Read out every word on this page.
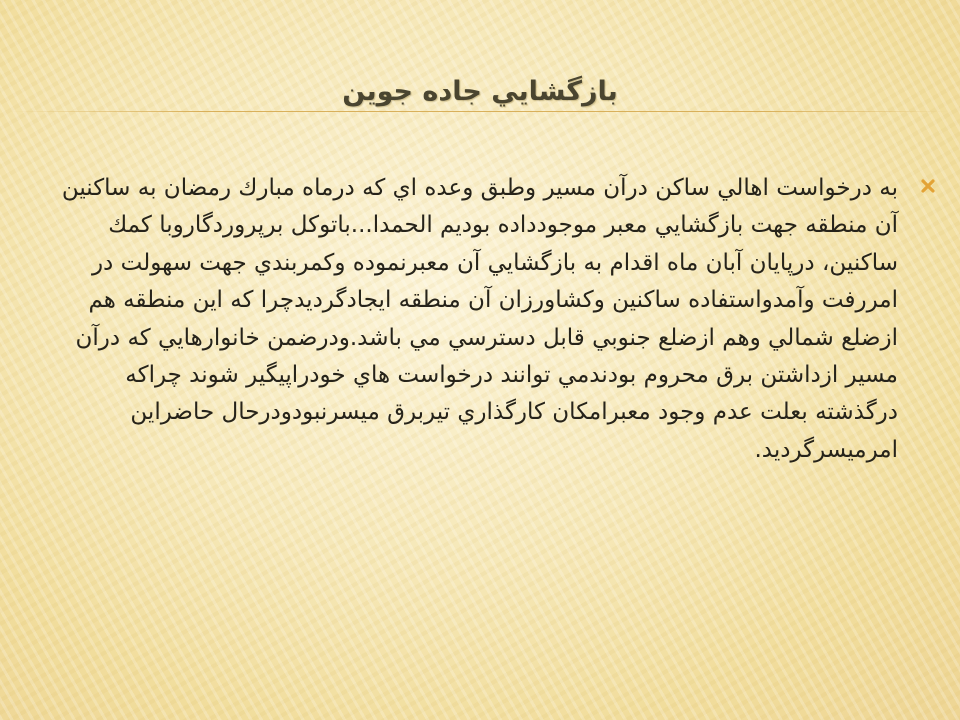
بازگشايي جاده جوين

به درخواست اهالي ساكن درآن مسير وطبق وعده اي كه درماه مبارك رمضان به ساكنين آن منطقه جهت بازگشايي معبر موجودداده بوديم الحمدا...باتوكل برپروردگاروبا كمك ساكنين، درپايان آبان ماه اقدام به بازگشايي آن معبرنموده وكمربندي جهت سهولت در امررفت وآمدواستفاده ساكنين وكشاورزان آن منطقه ايجادگرديدچرا كه اين منطقه هم ازضلع شمالي وهم ازضلع جنوبي قابل دسترسي مي باشد.ودرضمن خانوارهايي كه درآن مسير ازداشتن برق محروم بودندمي توانند درخواست هاي خودراپيگير شوند چراكه درگذشته بعلت عدم وجود معبرامكان كارگذاري تيربرق ميسرنبودودرحال حاضراين امرميسرگرديد.
